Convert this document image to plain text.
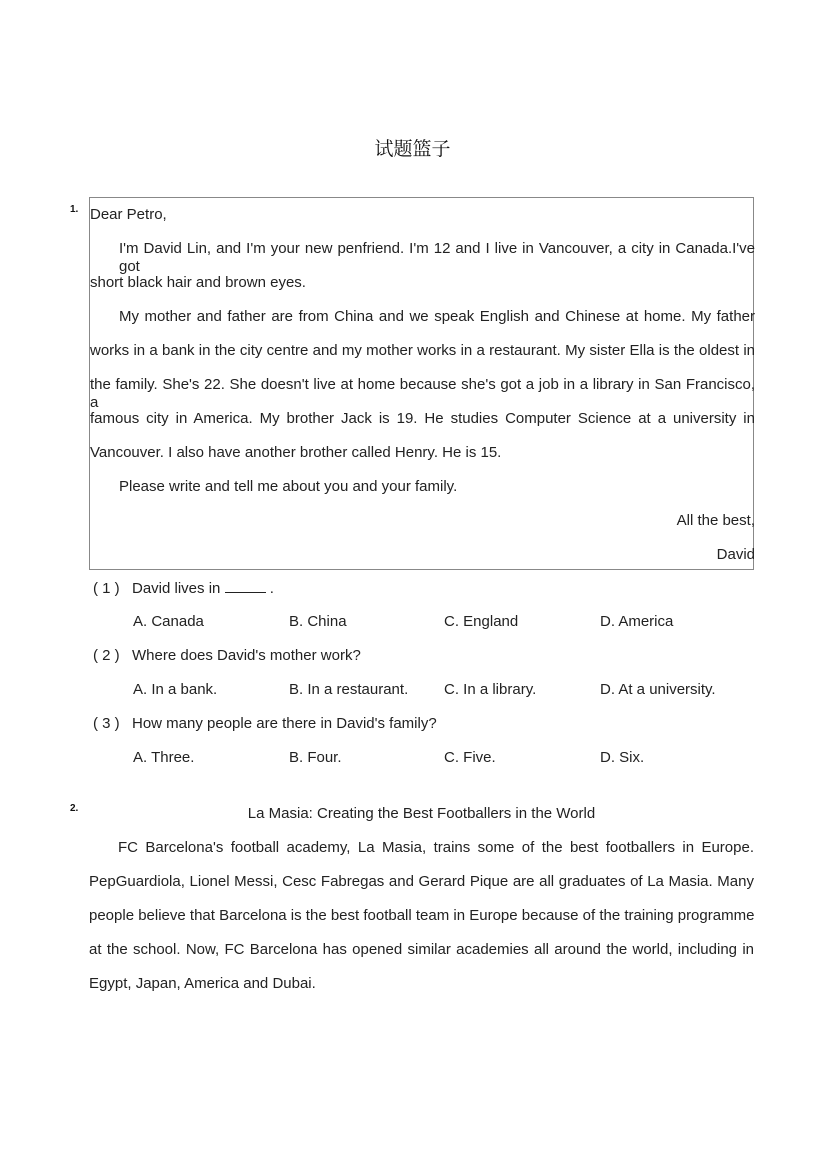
试题篮子
1. Dear Petro,
I'm David Lin, and I'm your new penfriend. I'm 12 and I live in Vancouver, a city in Canada.I've got
short black hair and brown eyes.
My mother and father are from China and we speak English and Chinese at home. My father
works in a bank in the city centre and my mother works in a restaurant. My sister Ella is the oldest in
the family. She's 22. She doesn't live at home because she's got a job in a library in San Francisco, a
famous city in America. My brother Jack is 19. He studies Computer Science at a university in
Vancouver. I also have another brother called Henry. He is 15.
Please write and tell me about you and your family.
All the best,
David
( 1 ) David lives in	.
A. Canada	B. China	C. England	D. America
( 2 ) Where does David's mother work?
A. In a bank.	B. In a restaurant. C. In a library.	D. At a university.
( 3 ) How many people are there in David's family?
A. Three.	B. Four.	C. Five.	D. Six.
2.	La Masia: Creating the Best Footballers in the World
FC Barcelona's football academy, La Masia, trains some of the best footballers in Europe.
PepGuardiola, Lionel Messi, Cesc Fabregas and Gerard Pique are all graduates of La Masia. Many
people believe that Barcelona is the best football team in Europe because of the training programme
at the school. Now, FC Barcelona has opened similar academies all around the world, including in
Egypt, Japan, America and Dubai.
